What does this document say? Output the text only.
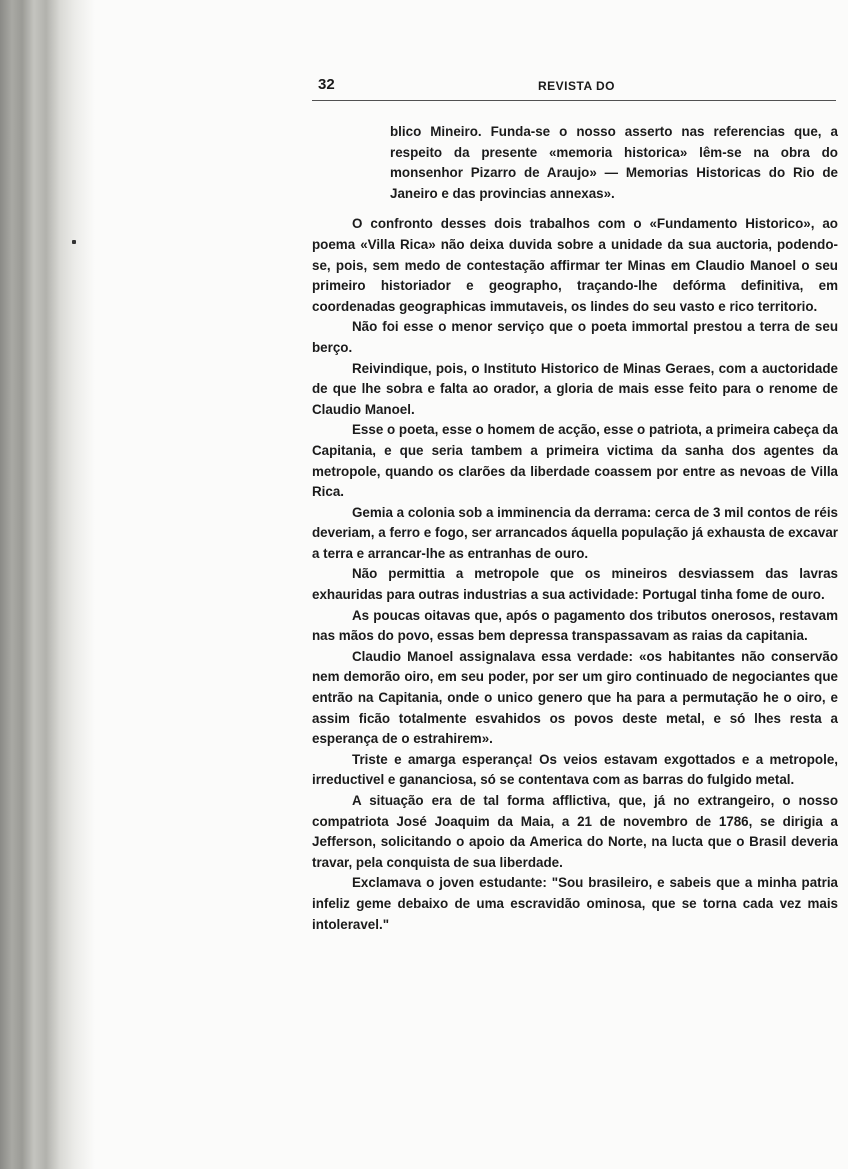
32	REVISTA DO

blico Mineiro. Funda-se o nosso asserto nas referencias que, a respeito da presente «memoria historica» lêm-se na obra do monsenhor Pizarro de Araujo» — Memorias Historicas do Rio de Janeiro e das provincias annexas».

O confronto desses dois trabalhos com o «Fundamento Historico», ao poema «Villa Rica» não deixa duvida sobre a unidade da sua auctoria, podendo-se, pois, sem medo de contestação affirmar ter Minas em Claudio Manoel o seu primeiro historiador e geographo, traçando-lhe defórma definitiva, em coordenadas geographicas immutaveis, os lindes do seu vasto e rico territorio.

Não foi esse o menor serviço que o poeta immortal prestou a terra de seu berço.

Reivindique, pois, o Instituto Historico de Minas Geraes, com a auctoridade de que lhe sobra e falta ao orador, a gloria de mais esse feito para o renome de Claudio Manoel.

Esse o poeta, esse o homem de acção, esse o patriota, a primeira cabeça da Capitania, e que seria tambem a primeira victima da sanha dos agentes da metropole, quando os clarões da liberdade coassem por entre as nevoas de Villa Rica.

Gemia a colonia sob a imminencia da derrama: cerca de 3 mil contos de réis deveriam, a ferro e fogo, ser arrancados áquella população já exhausta de excavar a terra e arrancar-lhe as entranhas de ouro.

Não permittia a metropole que os mineiros desviassem das lavras exhauridas para outras industrias a sua actividade: Portugal tinha fome de ouro.

As poucas oitavas que, após o pagamento dos tributos onerosos, restavam nas mãos do povo, essas bem depressa transpassavam as raias da capitania.

Claudio Manoel assignalava essa verdade: «os habitantes não conservão nem demorão oiro, em seu poder, por ser um giro continuado de negociantes que entrão na Capitania, onde o unico genero que ha para a permutação he o oiro, e assim ficão totalmente esvahidos os povos deste metal, e só lhes resta a esperança de o estrahirem».

Triste e amarga esperança! Os veios estavam exgottados e a metropole, irreductivel e gananciosa, só se contentava com as barras do fulgido metal.

A situação era de tal forma afflictiva, que, já no extrangeiro, o nosso compatriota José Joaquim da Maia, a 21 de novembro de 1786, se dirigia a Jefferson, solicitando o apoio da America do Norte, na lucta que o Brasil deveria travar, pela conquista de sua liberdade.

Exclamava o joven estudante: "Sou brasileiro, e sabeis que a minha patria infeliz geme debaixo de uma escravidão ominosa, que se torna cada vez mais intoleravel."
